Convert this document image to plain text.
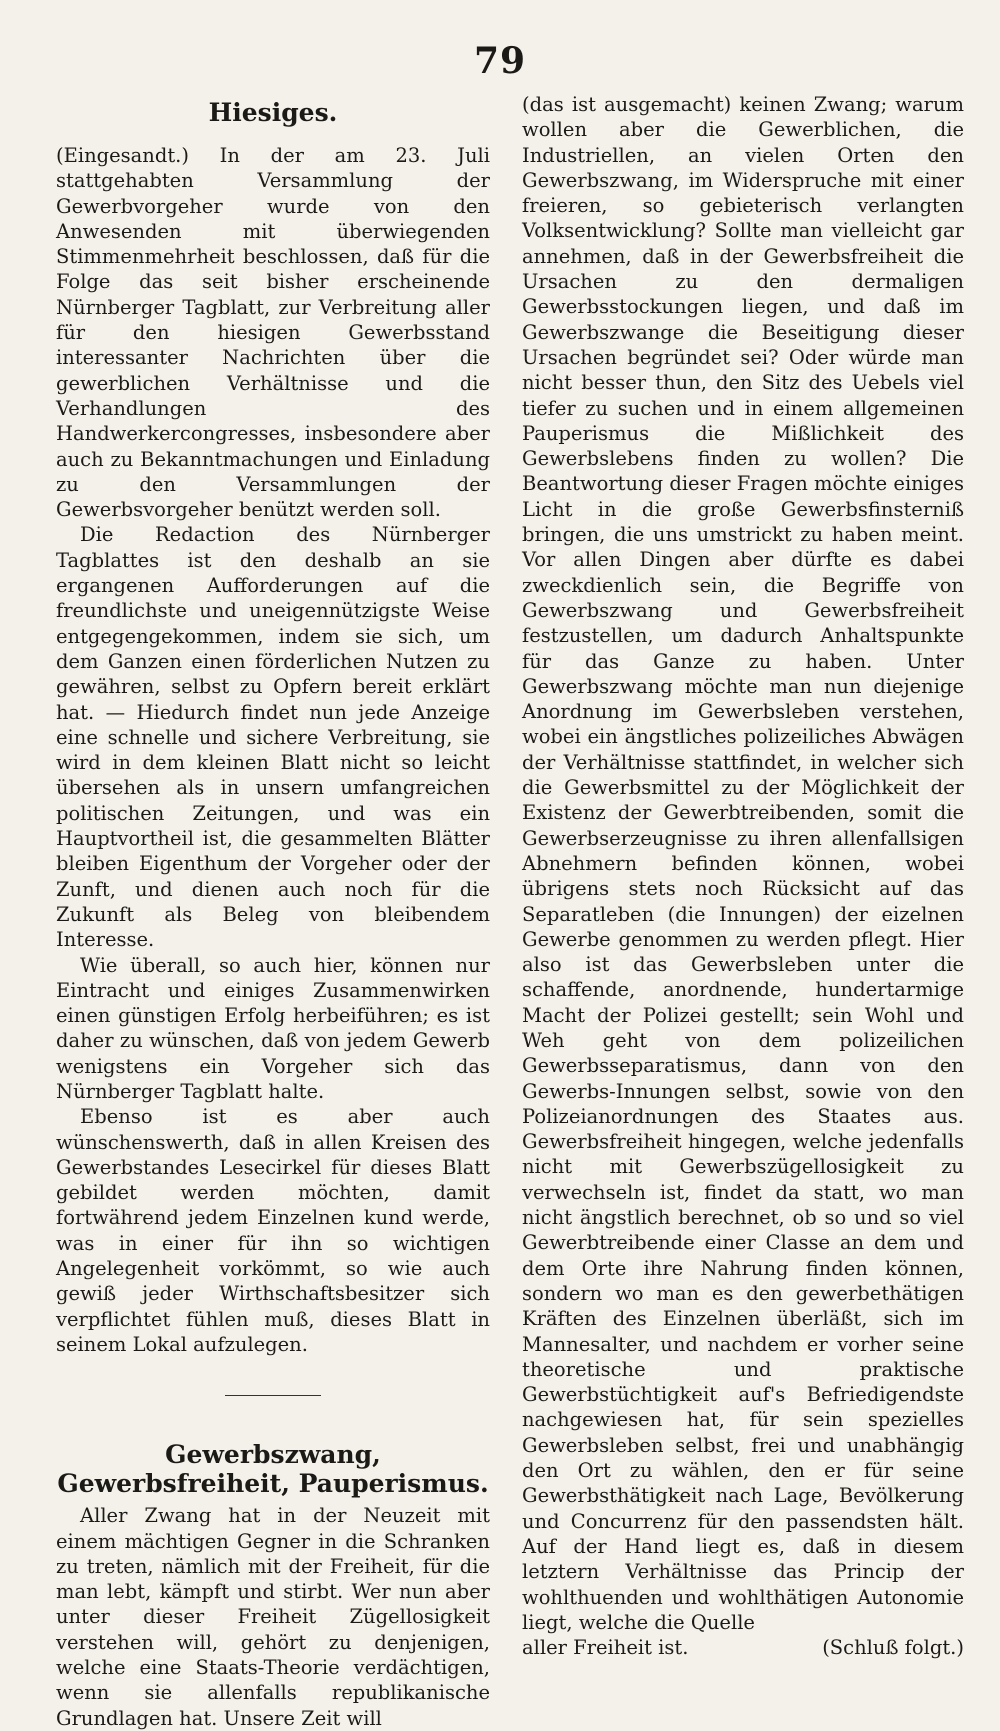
79
Hiesiges.

(Eingesandt.) In der am 23. Juli stattgehabten Versammlung der Gewerbvorgeher wurde von den Anwesenden mit überwiegenden Stimmenmehrheit beschlossen, daß für die Folge das seit bisher erscheinende Nürnberger Tagblatt, zur Verbreitung aller für den hiesigen Gewerbsstand interessanter Nachrichten über die gewerblichen Verhältnisse und die Verhandlungen des Handwerkercongresses, insbesondere aber auch zu Bekanntmachungen und Einladung zu den Versammlungen der Gewerbsvorgeher benützt werden soll.

Die Redaction des Nürnberger Tagblattes ist den deshalb an sie ergangenen Aufforderungen auf die freundlichste und uneigennützigste Weise entgegengekommen, indem sie sich, um dem Ganzen einen förderlichen Nutzen zu gewähren, selbst zu Opfern bereit erklärt hat. — Hiedurch findet nun jede Anzeige eine schnelle und sichere Verbreitung, sie wird in dem kleinen Blatt nicht so leicht übersehen als in unsern umfangreichen politischen Zeitungen, und was ein Hauptvortheil ist, die gesammelten Blätter bleiben Eigenthum der Vorgeher oder der Zunft, und dienen auch noch für die Zukunft als Beleg von bleibendem Interesse.

Wie überall, so auch hier, können nur Eintracht und einiges Zusammenwirken einen günstigen Erfolg herbeiführen; es ist daher zu wünschen, daß von jedem Gewerb wenigstens ein Vorgeher sich das Nürnberger Tagblatt halte.

Ebenso ist es aber auch wünschenswerth, daß in allen Kreisen des Gewerbstandes Lesecirkel für dieses Blatt gebildet werden möchten, damit fortwährend jedem Einzelnen kund werde, was in einer für ihn so wichtigen Angelegenheit vorkömmt, so wie auch gewiß jeder Wirthschaftsbesitzer sich verpflichtet fühlen muß, dieses Blatt in seinem Lokal aufzulegen.

Gewerbszwang, Gewerbsfreiheit, Pauperismus.

Aller Zwang hat in der Neuzeit mit einem mächtigen Gegner in die Schranken zu treten, nämlich mit der Freiheit, für die man lebt, kämpft und stirbt. Wer nun aber unter dieser Freiheit Zügellosigkeit verstehen will, gehört zu denjenigen, welche eine Staats-Theorie verdächtigen, wenn sie allenfalls republikanische Grundlagen hat. Unsere Zeit will

(das ist ausgemacht) keinen Zwang; warum wollen aber die Gewerblichen, die Industriellen, an vielen Orten den Gewerbszwang, im Widerspruche mit einer freieren, so gebieterisch verlangten Volksentwicklung? Sollte man vielleicht gar annehmen, daß in der Gewerbsfreiheit die Ursachen zu den dermaligen Gewerbsstockungen liegen, und daß im Gewerbszwange die Beseitigung dieser Ursachen begründet sei? Oder würde man nicht besser thun, den Sitz des Uebels viel tiefer zu suchen und in einem allgemeinen Pauperismus die Mißlichkeit des Gewerbslebens finden zu wollen? Die Beantwortung dieser Fragen möchte einiges Licht in die große Gewerbsfinsterniß bringen, die uns umstrickt zu haben meint. Vor allen Dingen aber dürfte es dabei zweckdienlich sein, die Begriffe von Gewerbszwang und Gewerbsfreiheit festzustellen, um dadurch Anhaltspunkte für das Ganze zu haben. Unter Gewerbszwang möchte man nun diejenige Anordnung im Gewerbsleben verstehen, wobei ein ängstliches polizeiliches Abwägen der Verhältnisse stattfindet, in welcher sich die Gewerbsmittel zu der Möglichkeit der Existenz der Gewerbtreibenden, somit die Gewerbserzeugnisse zu ihren allenfallsigen Abnehmern befinden können, wobei übrigens stets noch Rücksicht auf das Separatleben (die Innungen) der eizelnen Gewerbe genommen zu werden pflegt. Hier also ist das Gewerbsleben unter die schaffende, anordnende, hundertarmige Macht der Polizei gestellt; sein Wohl und Weh geht von dem polizeilichen Gewerbsseparatismus, dann von den Gewerbs-Innungen selbst, sowie von den Polizeianordnungen des Staates aus. Gewerbsfreiheit hingegen, welche jedenfalls nicht mit Gewerbszügellosigkeit zu verwechseln ist, findet da statt, wo man nicht ängstlich berechnet, ob so und so viel Gewerbtreibende einer Classe an dem und dem Orte ihre Nahrung finden können, sondern wo man es den gewerbethätigen Kräften des Einzelnen überläßt, sich im Mannesalter, und nachdem er vorher seine theoretische und praktische Gewerbstüchtigkeit auf's Befriedigendste nachgewiesen hat, für sein spezielles Gewerbsleben selbst, frei und unabhängig den Ort zu wählen, den er für seine Gewerbsthätigkeit nach Lage, Bevölkerung und Concurrenz für den passendsten hält. Auf der Hand liegt es, daß in diesem letztern Verhältnisse das Princip der wohlthuenden und wohlthätigen Autonomie liegt, welche die Quelle

aller Freiheit ist.	(Schluß folgt.)
